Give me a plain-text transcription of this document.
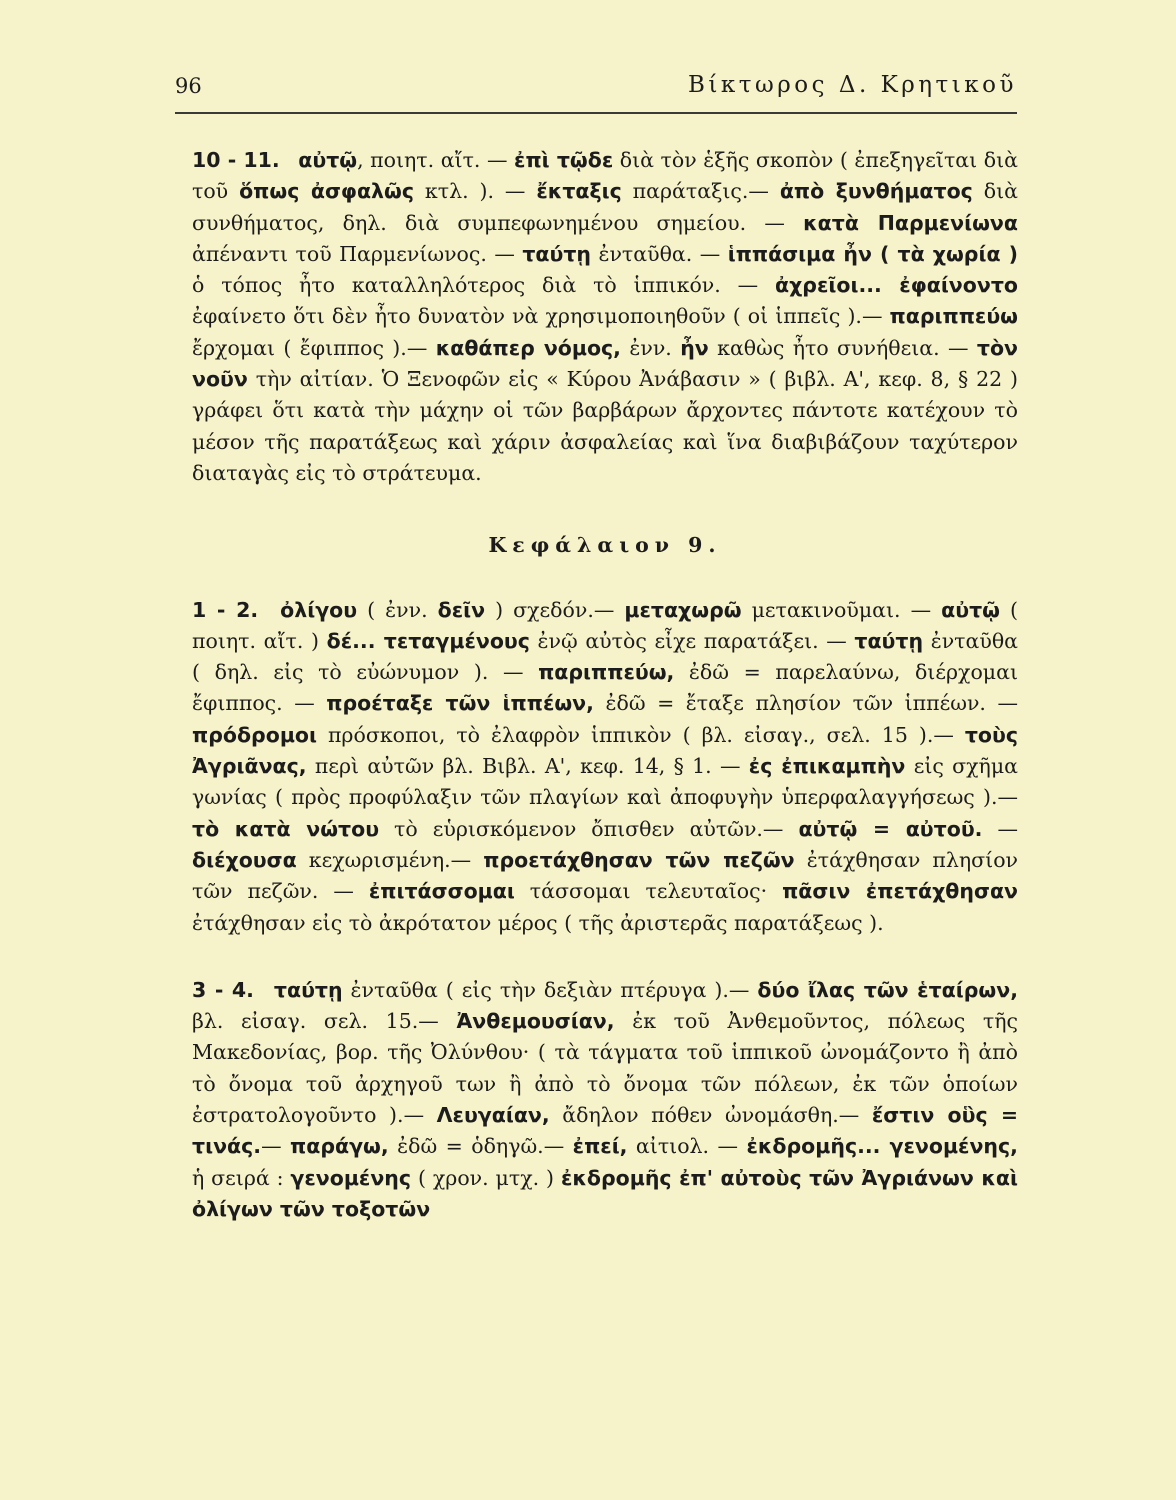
96	Βίκτωρος Δ. Κρητικοῦ

10 - 11. αὐτῷ, ποιητ. αἴτ. — ἐπὶ τῷδε διὰ τὸν ἑξῆς σκοπὸν ( ἐπεξηγεῖται διὰ τοῦ ὅπως ἀσφαλῶς κτλ. ). — ἔκταξις παράταξις.— ἀπὸ ξυνθήματος διὰ συνθήματος, δηλ. διὰ συμπεφωνημένου σημείου. — κατὰ Παρμενίωνα ἀπέναντι τοῦ Παρμενίωνος. — ταύτῃ ἐνταῦθα. — ἱππάσιμα ἦν ( τὰ χωρία ) ὁ τόπος ἦτο καταλληλότερος διὰ τὸ ἱππικόν. — ἀχρεῖοι... ἐφαίνοντο ἐφαίνετο ὅτι δὲν ἦτο δυνατὸν νὰ χρησιμοποιηθοῦν ( οἱ ἱππεῖς ).— παριππεύω ἔρχομαι ( ἔφιππος ).— καθάπερ νόμος, ἐνν. ἦν καθὼς ἦτο συνήθεια. — τὸν νοῦν τὴν αἰτίαν. Ὁ Ξενοφῶν εἰς « Κύρου Ἀνάβασιν » ( βιβλ. Α', κεφ. 8, § 22 ) γράφει ὅτι κατὰ τὴν μάχην οἱ τῶν βαρβάρων ἄρχοντες πάντοτε κατέχουν τὸ μέσον τῆς παρατάξεως καὶ χάριν ἀσφαλείας καὶ ἵνα διαβιβάζουν ταχύτερον διαταγὰς εἰς τὸ στράτευμα.

Κεφάλαιον 9.

1 - 2. ὀλίγου ( ἐνν. δεῖν ) σχεδόν.— μεταχωρῶ μετακινοῦμαι. — αὐτῷ ( ποιητ. αἴτ. ) δέ... τεταγμένους ἐνῷ αὐτὸς εἶχε παρατάξει. — ταύτῃ ἐνταῦθα ( δηλ. εἰς τὸ εὐώνυμον ). — παριππεύω, ἐδῶ = παρελαύνω, διέρχομαι ἔφιππος. — προέταξε τῶν ἱππέων, ἐδῶ = ἔταξε πλησίον τῶν ἱππέων. — πρόδρομοι πρόσκοποι, τὸ ἐλαφρὸν ἱππικὸν ( βλ. εἰσαγ., σελ. 15 ).— τοὺς Ἀγριᾶνας, περὶ αὐτῶν βλ. Βιβλ. Α', κεφ. 14, § 1. — ἐς ἐπικαμπὴν εἰς σχῆμα γωνίας ( πρὸς προφύλαξιν τῶν πλαγίων καὶ ἀποφυγὴν ὑπερφαλαγγήσεως ).— τὸ κατὰ νώτου τὸ εὑρισκόμενον ὄπισθεν αὐτῶν.— αὐτῷ = αὐτοῦ. — διέχουσα κεχωρισμένη.— προετάχθησαν τῶν πεζῶν ἐτάχθησαν πλησίον τῶν πεζῶν. — ἐπιτάσσομαι τάσσομαι τελευταῖος· πᾶσιν ἐπετάχθησαν ἐτάχθησαν εἰς τὸ ἀκρότατον μέρος ( τῆς ἀριστερᾶς παρατάξεως ).

3 - 4. ταύτῃ ἐνταῦθα ( εἰς τὴν δεξιὰν πτέρυγα ).— δύο ἴλας τῶν ἑταίρων, βλ. εἰσαγ. σελ. 15.— Ἀνθεμουσίαν, ἐκ τοῦ Ἀνθεμοῦντος, πόλεως τῆς Μακεδονίας, βορ. τῆς Ὀλύνθου· ( τὰ τάγματα τοῦ ἱππικοῦ ὠνομάζοντο ἢ ἀπὸ τὸ ὄνομα τοῦ ἀρχηγοῦ των ἢ ἀπὸ τὸ ὄνομα τῶν πόλεων, ἐκ τῶν ὁποίων ἐστρατολογοῦντο ).— Λευγαίαν, ἄδηλον πόθεν ὠνομάσθη.— ἔστιν οὓς = τινάς.— παράγω, ἐδῶ = ὁδηγῶ.— ἐπεί, αἰτιολ. — ἐκδρομῆς... γενομένης, ἡ σειρά : γενομένης ( χρον. μτχ. ) ἐκδρομῆς ἐπ' αὐτοὺς τῶν Ἀγριάνων καὶ ὀλίγων τῶν τοξοτῶν
